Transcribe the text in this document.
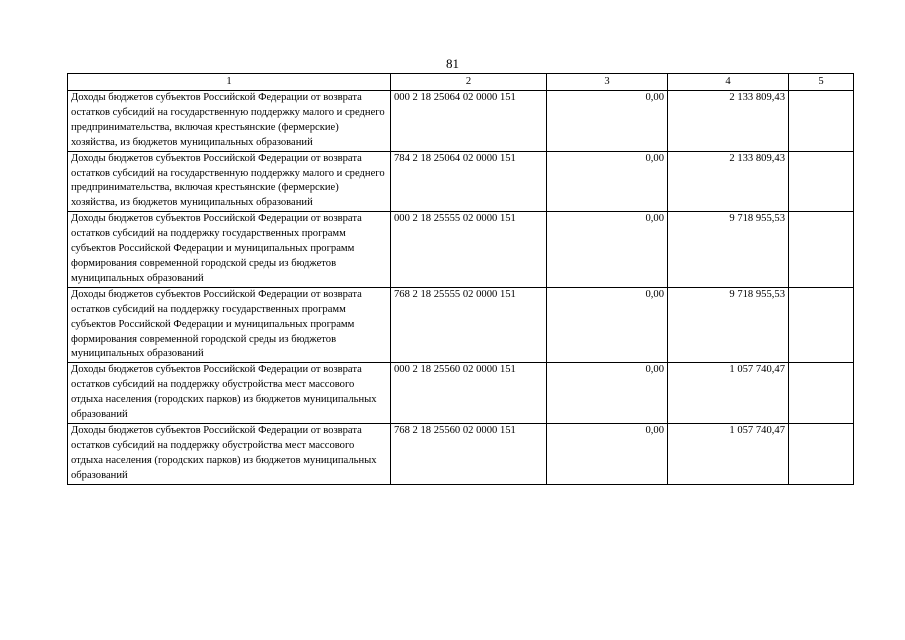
81
1	2	3	4	5
Доходы бюджетов субъектов Российской Федерации от возврата остатков субсидий на государственную поддержку малого и среднего предпринимательства, включая крестьянские (фермерские) хозяйства, из бюджетов муниципальных образований	000 2 18 25064 02 0000 151	0,00	2 133 809,43	
Доходы бюджетов субъектов Российской Федерации от возврата остатков субсидий на государственную поддержку малого и среднего предпринимательства, включая крестьянские (фермерские) хозяйства, из бюджетов муниципальных образований	784 2 18 25064 02 0000 151	0,00	2 133 809,43	
Доходы бюджетов субъектов Российской Федерации от возврата остатков субсидий на поддержку государственных программ субъектов Российской Федерации и муниципальных программ формирования современной городской среды из бюджетов муниципальных образований	000 2 18 25555 02 0000 151	0,00	9 718 955,53	
Доходы бюджетов субъектов Российской Федерации от возврата остатков субсидий на поддержку государственных программ субъектов Российской Федерации и муниципальных программ формирования современной городской среды из бюджетов муниципальных образований	768 2 18 25555 02 0000 151	0,00	9 718 955,53	
Доходы бюджетов субъектов Российской Федерации от возврата остатков субсидий на поддержку обустройства мест массового отдыха населения (городских парков) из бюджетов муниципальных образований	000 2 18 25560 02 0000 151	0,00	1 057 740,47	
Доходы бюджетов субъектов Российской Федерации от возврата остатков субсидий на поддержку обустройства мест массового отдыха населения (городских парков) из бюджетов муниципальных образований	768 2 18 25560 02 0000 151	0,00	1 057 740,47	
